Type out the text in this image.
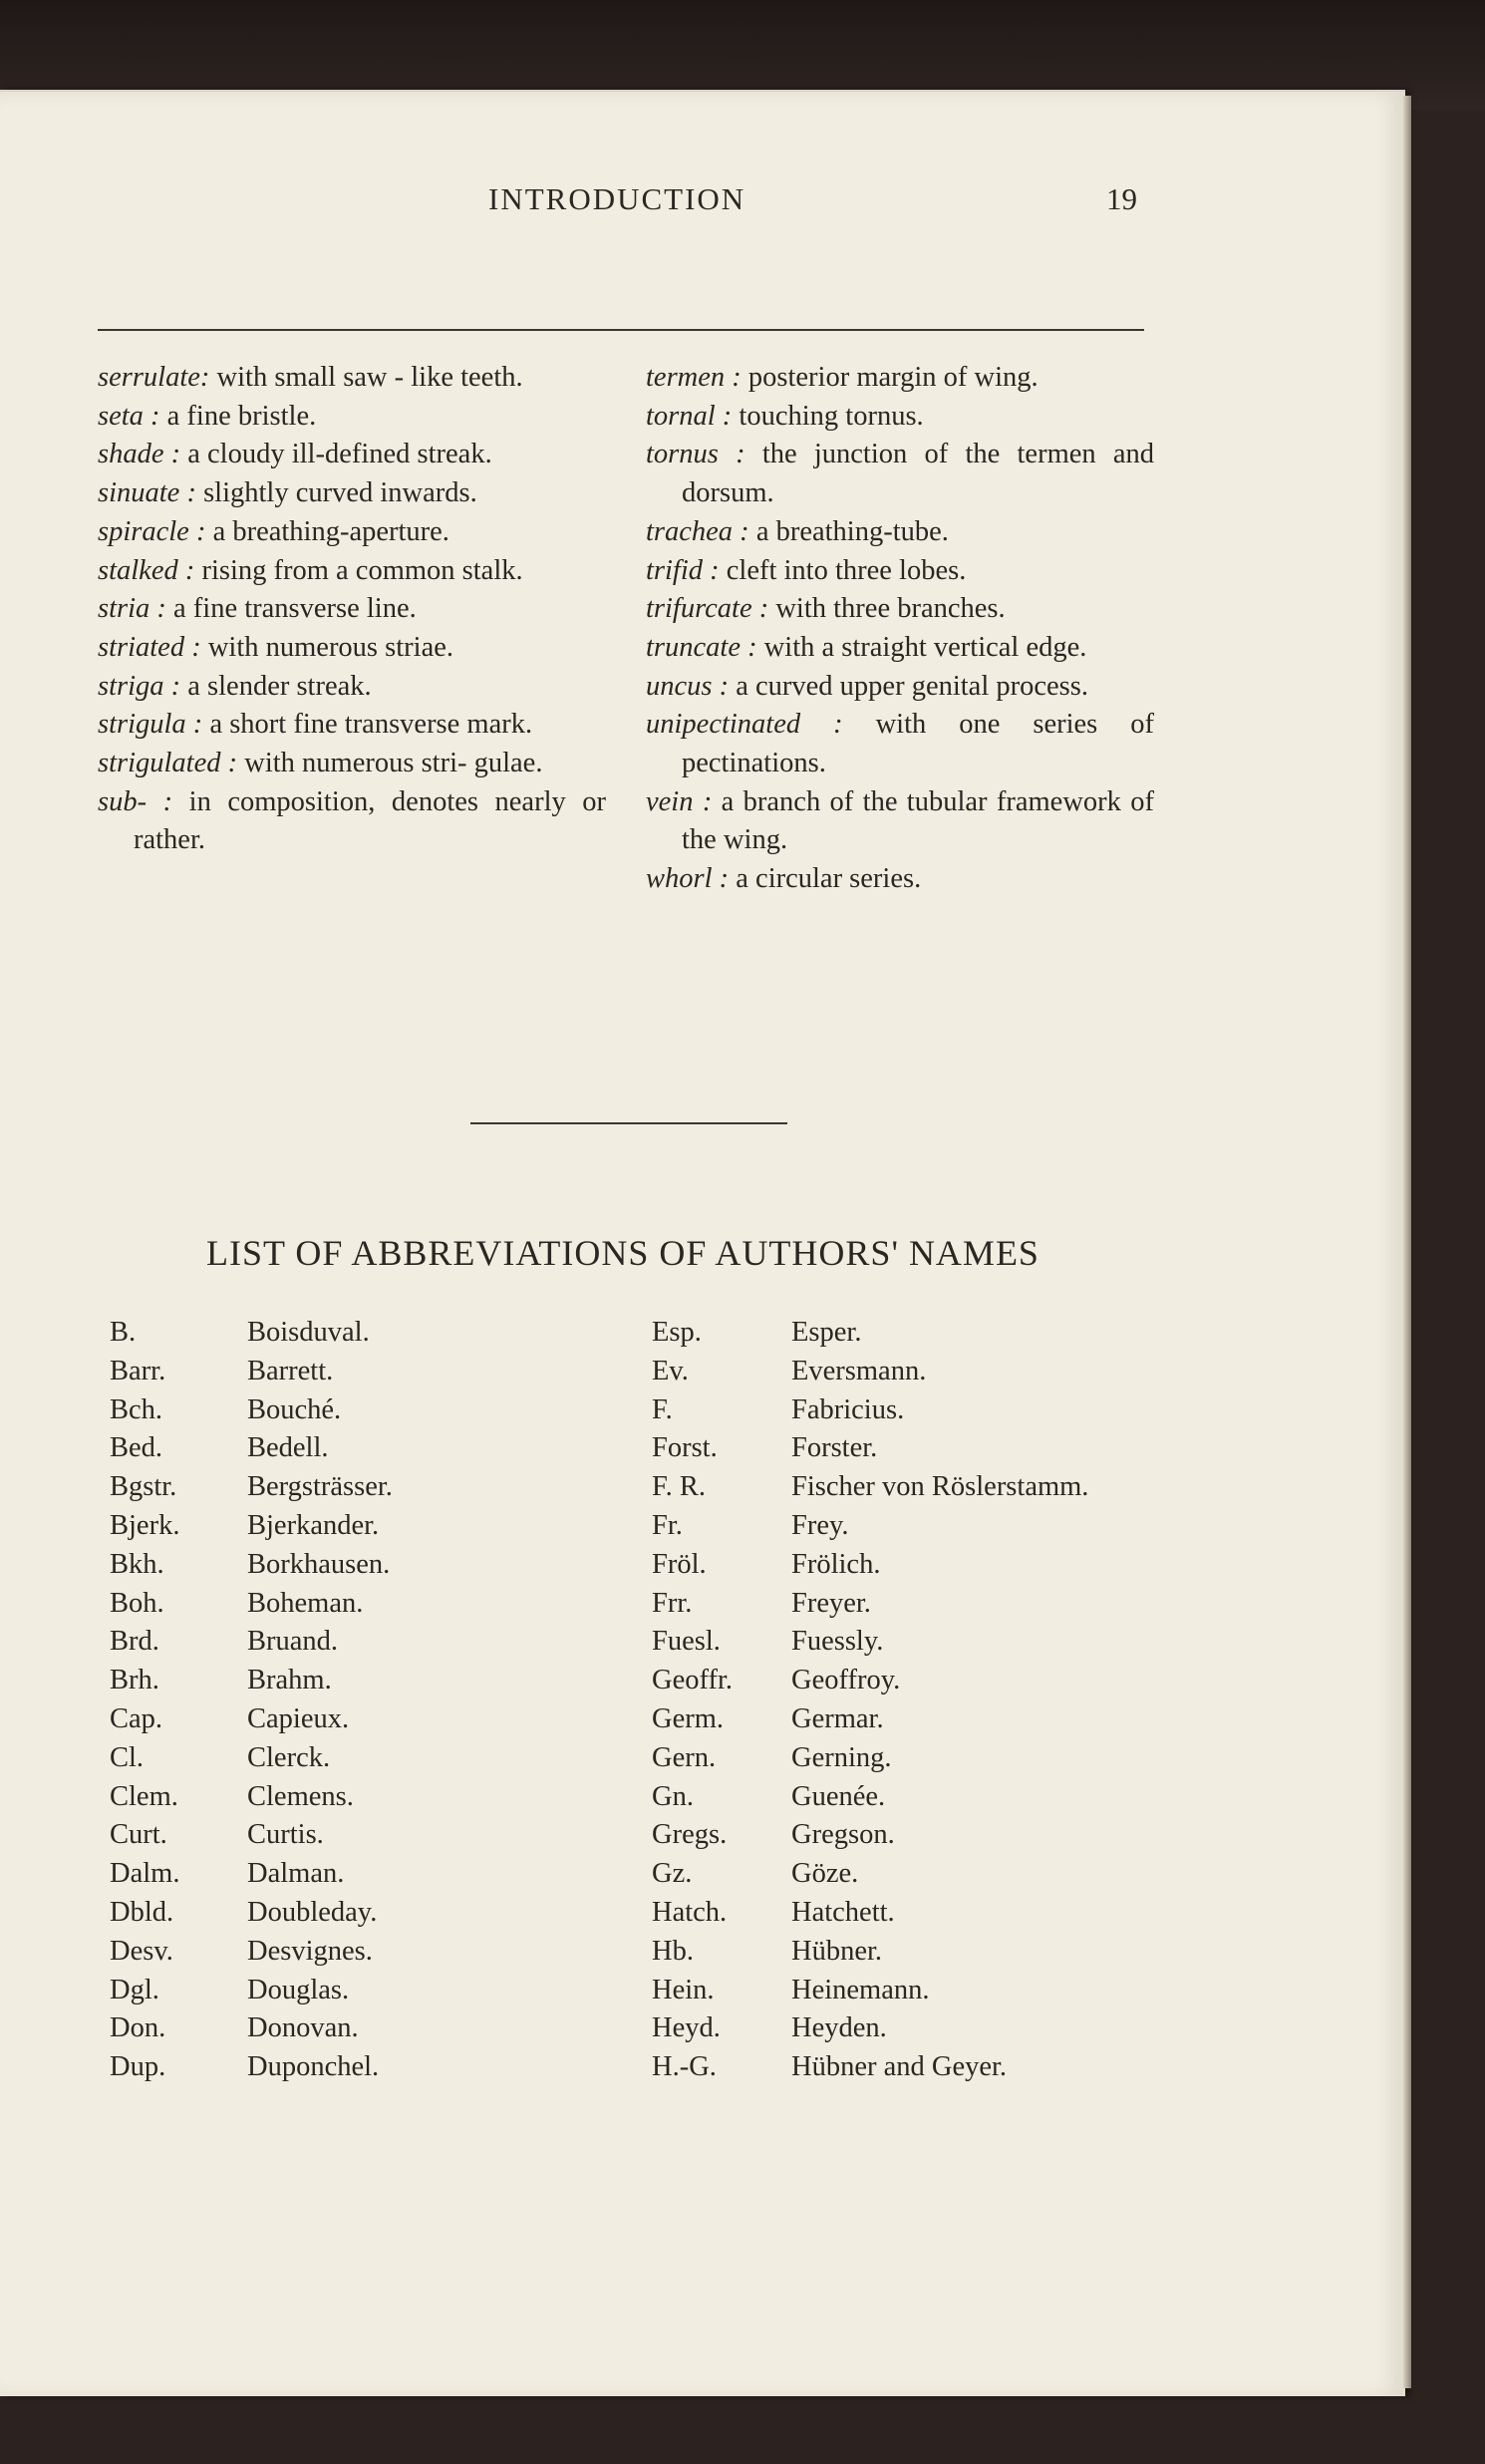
INTRODUCTION	19
serrulate: with small saw - like teeth.
seta : a fine bristle.
shade : a cloudy ill-defined streak.
sinuate : slightly curved inwards.
spiracle : a breathing-aperture.
stalked : rising from a common stalk.
stria : a fine transverse line.
striated : with numerous striae.
striga : a slender streak.
strigula : a short fine transverse mark.
strigulated : with numerous stri- gulae.
sub- : in composition, denotes nearly or rather.
termen : posterior margin of wing.
tornal : touching tornus.
tornus : the junction of the termen and dorsum.
trachea : a breathing-tube.
trifid : cleft into three lobes.
trifurcate : with three branches.
truncate : with a straight vertical edge.
uncus : a curved upper genital process.
unipectinated : with one series of pectinations.
vein : a branch of the tubular framework of the wing.
whorl : a circular series.
LIST OF ABBREVIATIONS OF AUTHORS' NAMES
B.	Boisduval.
Barr.	Barrett.
Bch.	Bouché.
Bed.	Bedell.
Bgstr.	Bergsträsser.
Bjerk.	Bjerkander.
Bkh.	Borkhausen.
Boh.	Boheman.
Brd.	Bruand.
Brh.	Brahm.
Cap.	Capieux.
Cl.	Clerck.
Clem.	Clemens.
Curt.	Curtis.
Dalm.	Dalman.
Dbld.	Doubleday.
Desv.	Desvignes.
Dgl.	Douglas.
Don.	Donovan.
Dup.	Duponchel.
Esp.	Esper.
Ev.	Eversmann.
F.	Fabricius.
Forst.	Forster.
F. R.	Fischer von Röslerstamm.
Fr.	Frey.
Fröl.	Frölich.
Frr.	Freyer.
Fuesl.	Fuessly.
Geoffr.	Geoffroy.
Germ.	Germar.
Gern.	Gerning.
Gn.	Guenée.
Gregs.	Gregson.
Gz.	Göze.
Hatch.	Hatchett.
Hb.	Hübner.
Hein.	Heinemann.
Heyd.	Heyden.
H.-G.	Hübner and Geyer.
